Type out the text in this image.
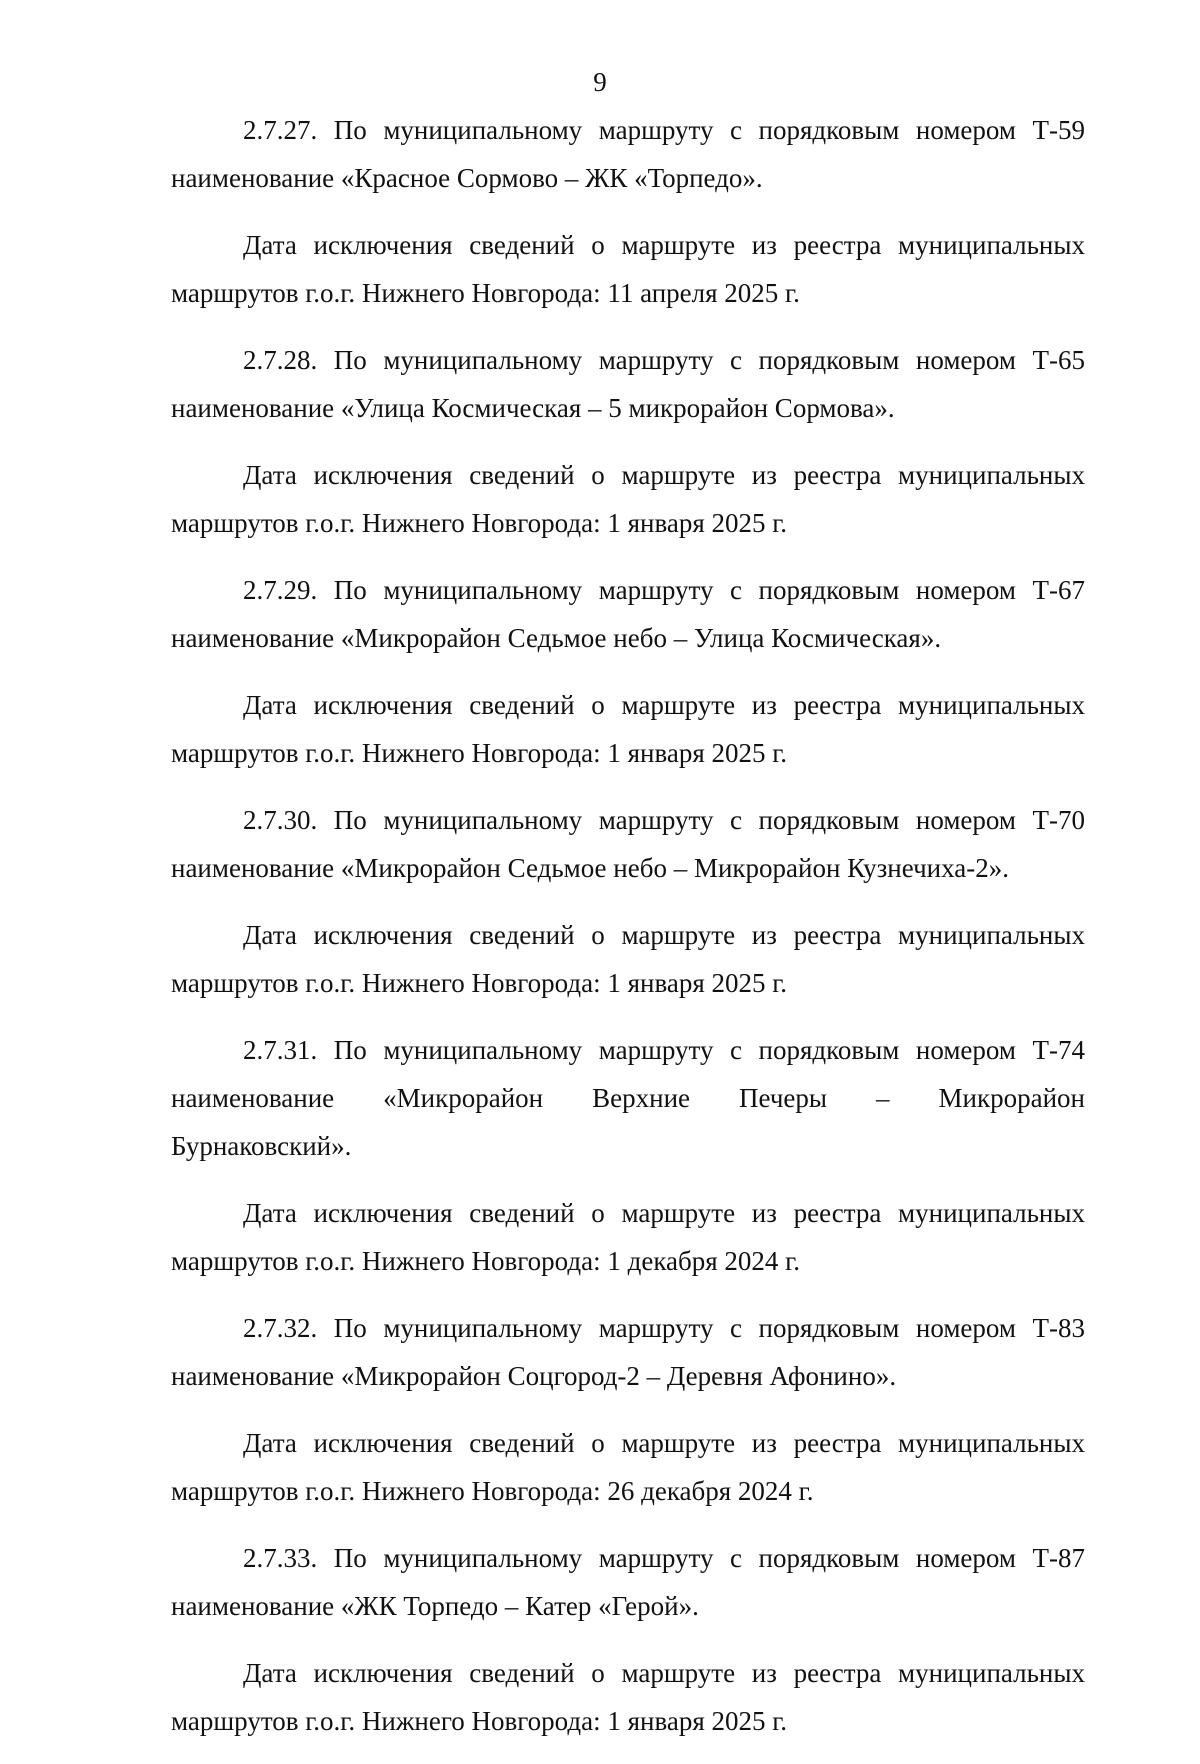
9

2.7.27. По муниципальному маршруту с порядковым номером Т-59
наименование «Красное Сормово – ЖК «Торпедо».

Дата исключения сведений о маршруте из реестра муниципальных
маршрутов г.о.г. Нижнего Новгорода: 11 апреля 2025 г.

2.7.28. По муниципальному маршруту с порядковым номером Т-65
наименование «Улица Космическая – 5 микрорайон Сормова».

Дата исключения сведений о маршруте из реестра муниципальных
маршрутов г.о.г. Нижнего Новгорода: 1 января 2025 г.

2.7.29. По муниципальному маршруту с порядковым номером Т-67
наименование «Микрорайон Седьмое небо – Улица Космическая».

Дата исключения сведений о маршруте из реестра муниципальных
маршрутов г.о.г. Нижнего Новгорода: 1 января 2025 г.

2.7.30. По муниципальному маршруту с порядковым номером Т-70
наименование «Микрорайон Седьмое небо – Микрорайон Кузнечиха-2».

Дата исключения сведений о маршруте из реестра муниципальных
маршрутов г.о.г. Нижнего Новгорода: 1 января 2025 г.

2.7.31. По муниципальному маршруту с порядковым номером Т-74
наименование «Микрорайон Верхние Печеры – Микрорайон
Бурнаковский».

Дата исключения сведений о маршруте из реестра муниципальных
маршрутов г.о.г. Нижнего Новгорода: 1 декабря 2024 г.

2.7.32. По муниципальному маршруту с порядковым номером Т-83
наименование «Микрорайон Соцгород-2 – Деревня Афонино».

Дата исключения сведений о маршруте из реестра муниципальных
маршрутов г.о.г. Нижнего Новгорода: 26 декабря 2024 г.

2.7.33. По муниципальному маршруту с порядковым номером Т-87
наименование «ЖК Торпедо – Катер «Герой».

Дата исключения сведений о маршруте из реестра муниципальных
маршрутов г.о.г. Нижнего Новгорода: 1 января 2025 г.
